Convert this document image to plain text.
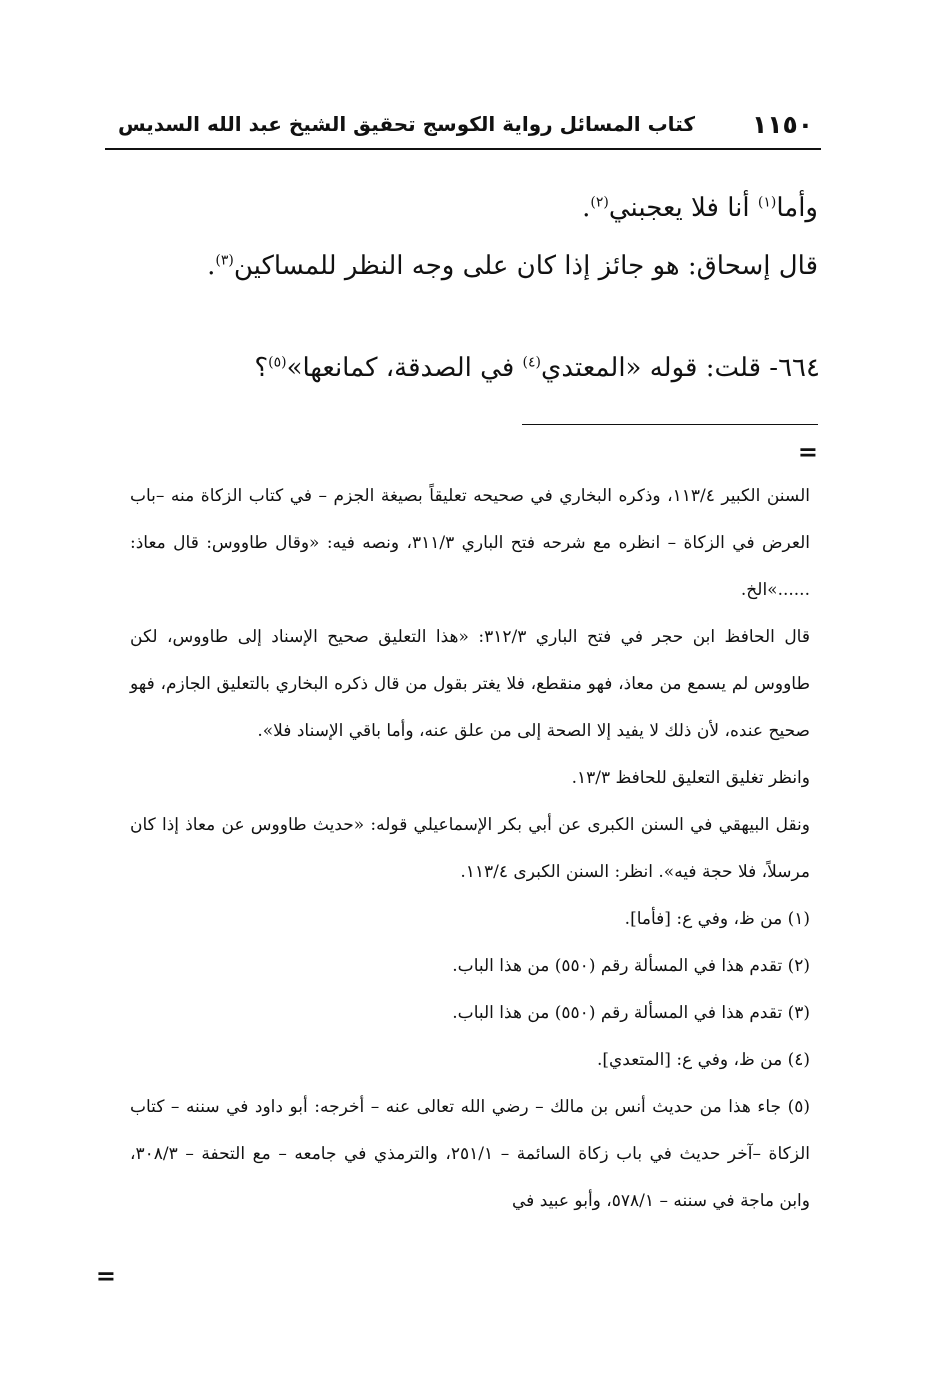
١١٥٠
كتاب المسائل رواية الكوسج تحقيق الشيخ عبد الله السديس
وأما$^{(١)}$ أنا فلا يعجبني$^{(٢)}$.
قال إسحاق: هو جائز إذا كان على وجه النظر للمساكين$^{(٣)}$.
٦٦٤- قلت: قوله «المعتدي$^{(٤)}$ في الصدقة، كمانعها»$^{(٥)}$؟
=

السنن الكبير ١١٣/٤، وذكره البخاري في صحيحه تعليقاً بصيغة الجزم – في كتاب الزكاة منه –باب العرض في الزكاة – انظره مع شرحه فتح الباري ٣١١/٣، ونصه فيه: «وقال طاووس: قال معاذ: ......»الخ.

قال الحافظ ابن حجر في فتح الباري ٣١٢/٣: «هذا التعليق صحيح الإسناد إلى طاووس، لكن طاووس لم يسمع من معاذ، فهو منقطع، فلا يغتر بقول من قال ذكره البخاري بالتعليق الجازم، فهو صحيح عنده، لأن ذلك لا يفيد إلا الصحة إلى من علق عنه، وأما باقي الإسناد فلا».

وانظر تغليق التعليق للحافظ ١٣/٣.

ونقل البيهقي في السنن الكبرى عن أبي بكر الإسماعيلي قوله: «حديث طاووس عن معاذ إذا كان مرسلاً، فلا حجة فيه». انظر: السنن الكبرى ١١٣/٤.

(١) من ظ، وفي ع: [فأما].

(٢) تقدم هذا في المسألة رقم (٥٥٠) من هذا الباب.

(٣) تقدم هذا في المسألة رقم (٥٥٠) من هذا الباب.

(٤) من ظ، وفي ع: [المتعدي].

(٥) جاء هذا من حديث أنس بن مالك – رضي الله تعالى عنه – أخرجه: أبو داود في سننه – كتاب الزكاة –آخر حديث في باب زكاة السائمة – ٢٥١/١، والترمذي في جامعه – مع التحفة – ٣٠٨/٣، وابن ماجة في سننه – ٥٧٨/١، وأبو عبيد في

=
